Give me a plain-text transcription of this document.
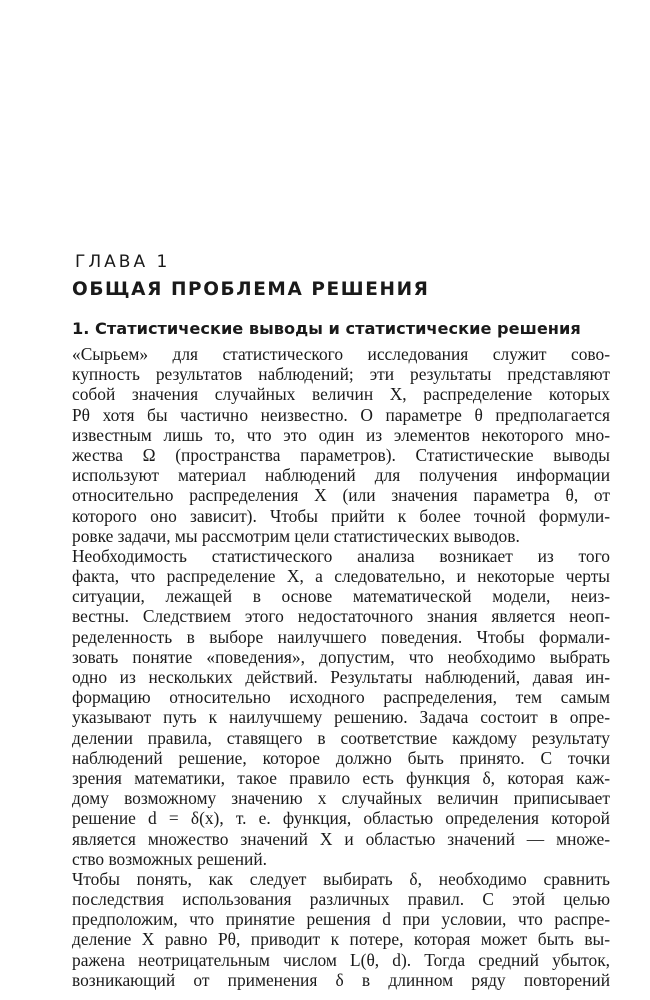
ГЛАВА 1
ОБЩАЯ ПРОБЛЕМА РЕШЕНИЯ
1. Статистические выводы и статистические решения

«Сырьем» для статистического исследования служит сово-
купность результатов наблюдений; эти результаты представляют
собой значения случайных величин X, распределение которых
Pθ хотя бы частично неизвестно. О параметре θ предполагается
известным лишь то, что это один из элементов некоторого мно-
жества Ω (пространства параметров). Статистические выводы
используют материал наблюдений для получения информации
относительно распределения X (или значения параметра θ, от
которого оно зависит). Чтобы прийти к более точной формули-
ровке задачи, мы рассмотрим цели статистических выводов.

Необходимость статистического анализа возникает из того
факта, что распределение X, а следовательно, и некоторые черты
ситуации, лежащей в основе математической модели, неиз-
вестны. Следствием этого недостаточного знания является неоп-
ределенность в выборе наилучшего поведения. Чтобы формали-
зовать понятие «поведения», допустим, что необходимо выбрать
одно из нескольких действий. Результаты наблюдений, давая ин-
формацию относительно исходного распределения, тем самым
указывают путь к наилучшему решению. Задача состоит в опре-
делении правила, ставящего в соответствие каждому результату
наблюдений решение, которое должно быть принято. С точки
зрения математики, такое правило есть функция δ, которая каж-
дому возможному значению x случайных величин приписывает
решение d = δ(x), т. е. функция, областью определения которой
является множество значений X и областью значений — множе-
ство возможных решений.

Чтобы понять, как следует выбирать δ, необходимо сравнить
последствия использования различных правил. С этой целью
предположим, что принятие решения d при условии, что распре-
деление X равно Pθ, приводит к потере, которая может быть вы-
ражена неотрицательным числом L(θ, d). Тогда средний убыток,
возникающий от применения δ в длинном ряду повторений
